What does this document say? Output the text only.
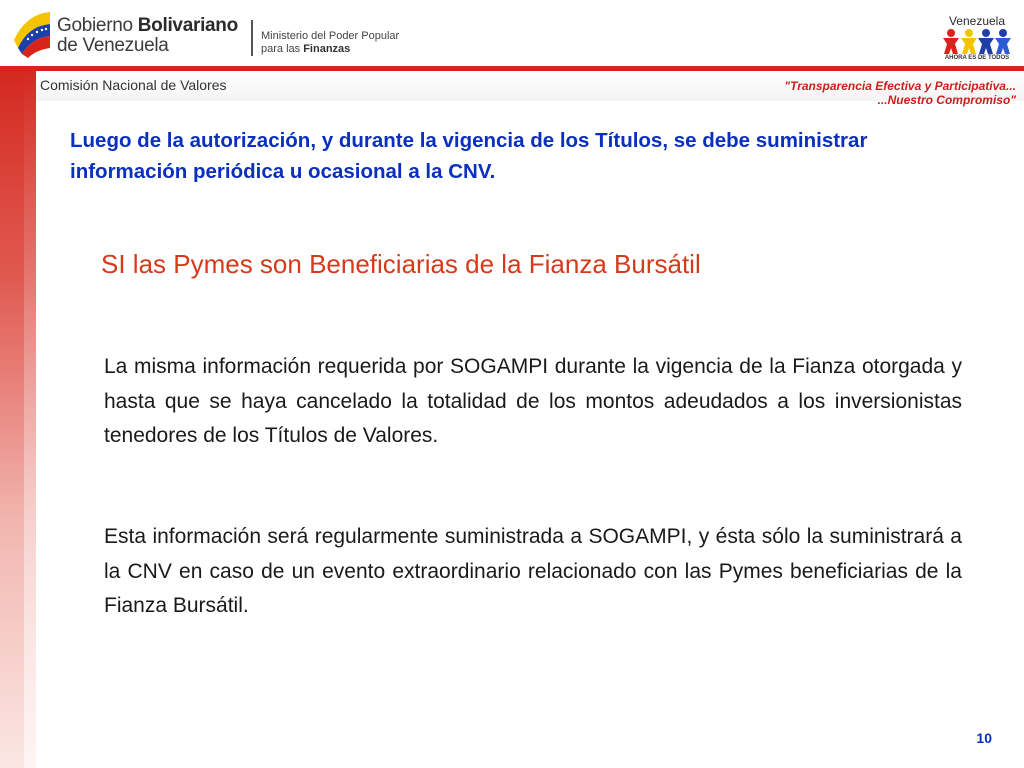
Gobierno Bolivariano
de Venezuela	Ministerio del Poder Popular
para las Finanzas
Venezuela
AHORA ES DE TODOS
Comisión Nacional de Valores	"Transparencia Efectiva y Participativa...
...Nuestro Compromiso"
Luego de la autorización, y durante la vigencia de los Títulos, se debe suministrar información periódica u ocasional a la CNV.
SI las Pymes son Beneficiarias de la Fianza Bursátil
La misma información requerida por SOGAMPI durante la vigencia de la Fianza otorgada y hasta que se haya cancelado la totalidad de los montos adeudados a los inversionistas tenedores de los Títulos de Valores.
Esta información será regularmente suministrada a SOGAMPI, y ésta sólo la suministrará a la CNV en caso de un evento extraordinario relacionado con las Pymes beneficiarias de la Fianza Bursátil.
10
